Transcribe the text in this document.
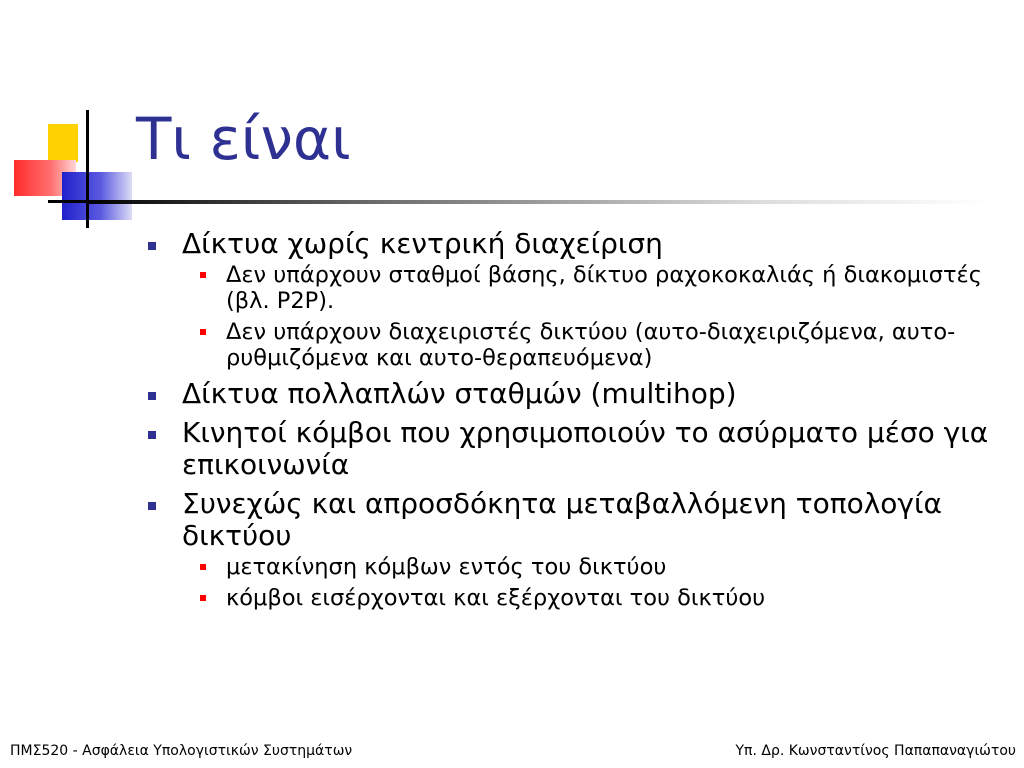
Τι είναι
Δίκτυα χωρίς κεντρική διαχείριση
Δεν υπάρχουν σταθμοί βάσης, δίκτυο ραχοκοκαλιάς ή διακομιστές (βλ. P2P).
Δεν υπάρχουν διαχειριστές δικτύου (αυτο-διαχειριζόμενα, αυτο-ρυθμιζόμενα και αυτο-θεραπευόμενα)
Δίκτυα πολλαπλών σταθμών (multihop)
Κινητοί κόμβοι που χρησιμοποιούν το ασύρματο μέσο για επικοινωνία
Συνεχώς και απροσδόκητα μεταβαλλόμενη τοπολογία δικτύου
μετακίνηση κόμβων εντός του δικτύου
κόμβοι εισέρχονται και εξέρχονται του δικτύου
ΠΜΣ520 - Ασφάλεια Υπολογιστικών Συστημάτων	Υπ. Δρ. Κωνσταντίνος Παπαπαναγιώτου
